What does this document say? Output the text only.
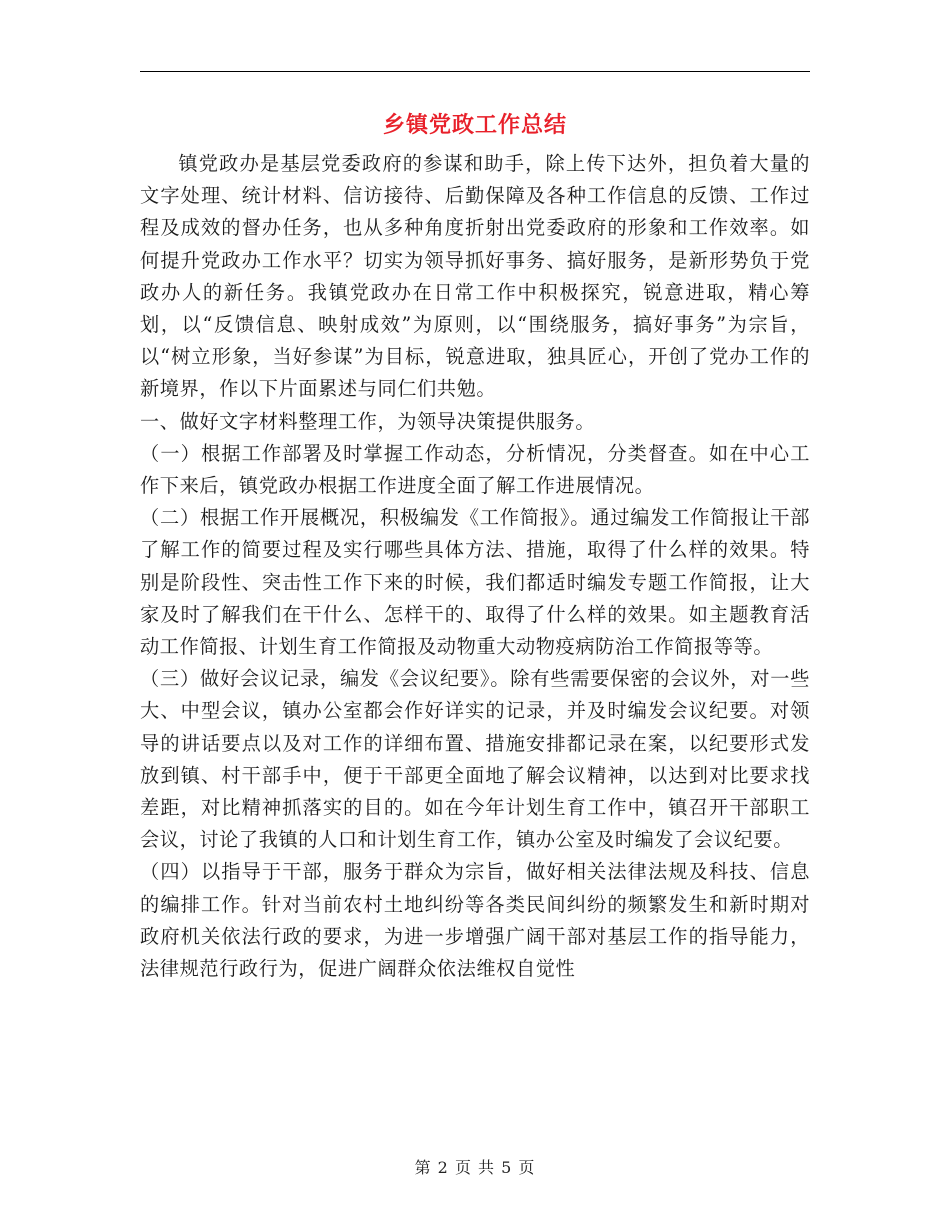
乡镇党政工作总结

镇党政办是基层党委政府的参谋和助手，除上传下达外，担负着大量的文字处理、统计材料、信访接待、后勤保障及各种工作信息的反馈、工作过程及成效的督办任务，也从多种角度折射出党委政府的形象和工作效率。如何提升党政办工作水平？切实为领导抓好事务、搞好服务，是新形势负于党政办人的新任务。我镇党政办在日常工作中积极探究，锐意进取，精心筹划，以“反馈信息、映射成效”为原则，以“围绕服务，搞好事务”为宗旨，以“树立形象，当好参谋”为目标，锐意进取，独具匠心，开创了党办工作的新境界，作以下片面累述与同仁们共勉。

一、做好文字材料整理工作，为领导决策提供服务。

（一）根据工作部署及时掌握工作动态，分析情况，分类督查。如在中心工作下来后，镇党政办根据工作进度全面了解工作进展情况。

（二）根据工作开展概况，积极编发《工作简报》。通过编发工作简报让干部了解工作的简要过程及实行哪些具体方法、措施，取得了什么样的效果。特别是阶段性、突击性工作下来的时候，我们都适时编发专题工作简报，让大家及时了解我们在干什么、怎样干的、取得了什么样的效果。如主题教育活动工作简报、计划生育工作简报及动物重大动物疫病防治工作简报等等。

（三）做好会议记录，编发《会议纪要》。除有些需要保密的会议外，对一些大、中型会议，镇办公室都会作好详实的记录，并及时编发会议纪要。对领导的讲话要点以及对工作的详细布置、措施安排都记录在案，以纪要形式发放到镇、村干部手中，便于干部更全面地了解会议精神，以达到对比要求找差距，对比精神抓落实的目的。如在今年计划生育工作中，镇召开干部职工会议，讨论了我镇的人口和计划生育工作，镇办公室及时编发了会议纪要。

（四）以指导于干部，服务于群众为宗旨，做好相关法律法规及科技、信息的编排工作。针对当前农村土地纠纷等各类民间纠纷的频繁发生和新时期对政府机关依法行政的要求，为进一步增强广阔干部对基层工作的指导能力，法律规范行政行为，促进广阔群众依法维权自觉性

第 2 页 共 5 页
